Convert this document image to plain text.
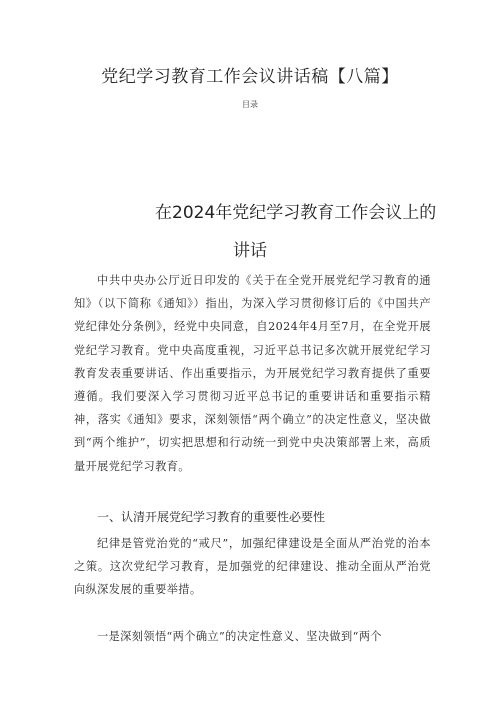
党纪学习教育工作会议讲话稿【八篇】
目录
在2024年党纪学习教育工作会议上的
讲话
中共中央办公厅近日印发的《关于在全党开展党纪学习教育的通知》（以下简称《通知》）指出，为深入学习贯彻修订后的《中国共产党纪律处分条例》，经党中央同意，自2024年4月至7月，在全党开展党纪学习教育。党中央高度重视，习近平总书记多次就开展党纪学习教育发表重要讲话、作出重要指示，为开展党纪学习教育提供了重要遵循。我们要深入学习贯彻习近平总书记的重要讲话和重要指示精神，落实《通知》要求，深刻领悟“两个确立”的决定性意义，坚决做到“两个维护”，切实把思想和行动统一到党中央决策部署上来，高质量开展党纪学习教育。
一、认清开展党纪学习教育的重要性必要性
纪律是管党治党的“戒尺”，加强纪律建设是全面从严治党的治本之策。这次党纪学习教育，是加强党的纪律建设、推动全面从严治党向纵深发展的重要举措。
一是深刻领悟“两个确立”的决定性意义、坚决做到“两个
